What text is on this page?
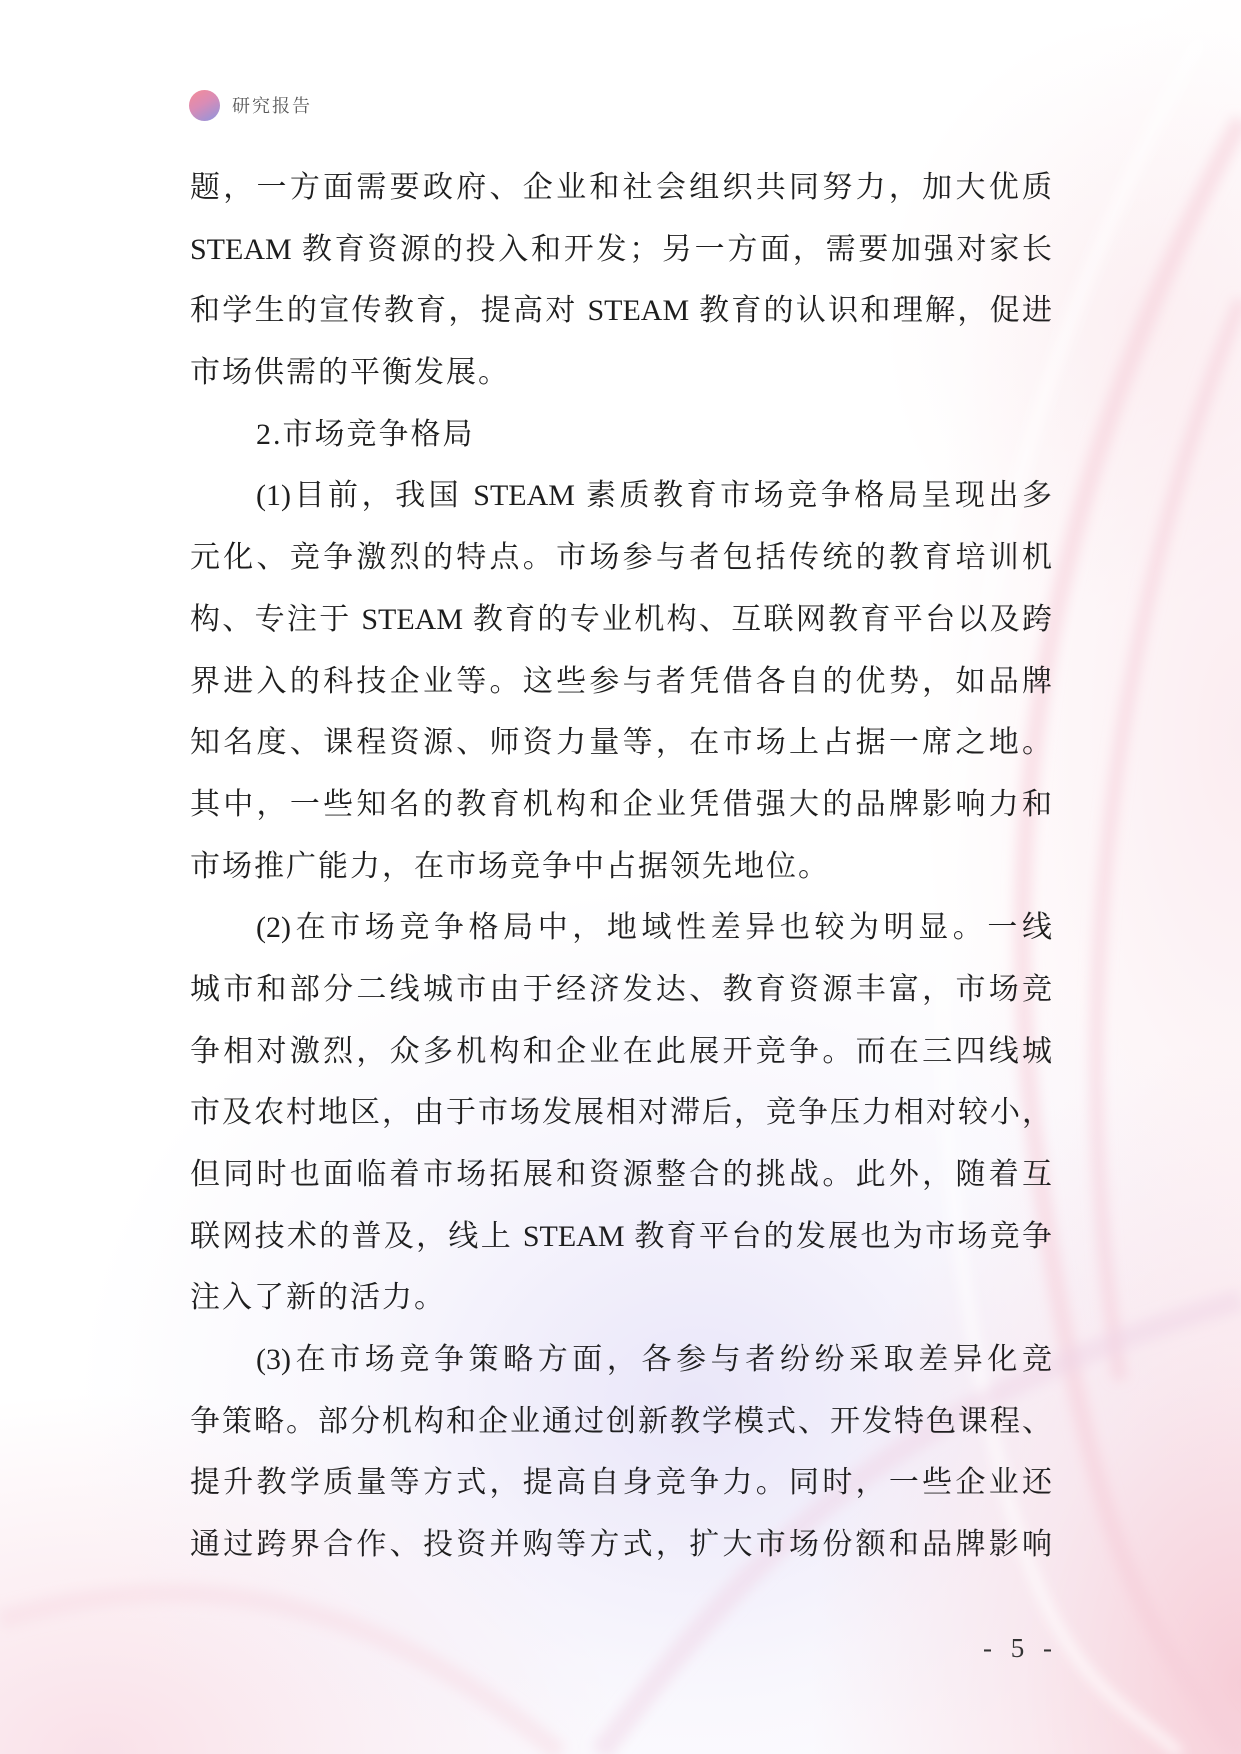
研究报告
题，一方面需要政府、企业和社会组织共同努力，加大优质
STEAM 教育资源的投入和开发；另一方面，需要加强对家长
和学生的宣传教育，提高对 STEAM 教育的认识和理解，促进
市场供需的平衡发展。
2.市场竞争格局
(1)目前，我国 STEAM 素质教育市场竞争格局呈现出多
元化、竞争激烈的特点。市场参与者包括传统的教育培训机
构、专注于 STEAM 教育的专业机构、互联网教育平台以及跨
界进入的科技企业等。这些参与者凭借各自的优势，如品牌
知名度、课程资源、师资力量等，在市场上占据一席之地。
其中，一些知名的教育机构和企业凭借强大的品牌影响力和
市场推广能力，在市场竞争中占据领先地位。
(2)在市场竞争格局中，地域性差异也较为明显。一线
城市和部分二线城市由于经济发达、教育资源丰富，市场竞
争相对激烈，众多机构和企业在此展开竞争。而在三四线城
市及农村地区，由于市场发展相对滞后，竞争压力相对较小，
但同时也面临着市场拓展和资源整合的挑战。此外，随着互
联网技术的普及，线上 STEAM 教育平台的发展也为市场竞争
注入了新的活力。
(3)在市场竞争策略方面，各参与者纷纷采取差异化竞
争策略。部分机构和企业通过创新教学模式、开发特色课程、
提升教学质量等方式，提高自身竞争力。同时，一些企业还
通过跨界合作、投资并购等方式，扩大市场份额和品牌影响
- 5 -
